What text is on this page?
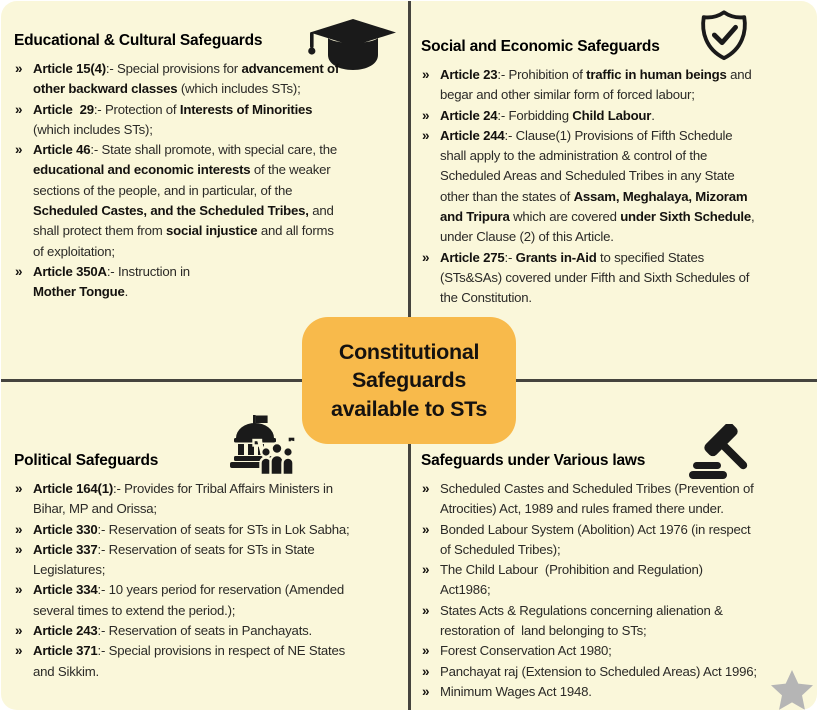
Educational & Cultural Safeguards
» Article 15(4):- Special provisions for advancement of
other backward classes (which includes STs);
» Article  29:- Protection of Interests of Minorities
(which includes STs);
» Article 46:- State shall promote, with special care, the
educational and economic interests of the weaker
sections of the people, and in particular, of the
Scheduled Castes, and the Scheduled Tribes, and
shall protect them from social injustice and all forms
of exploitation;
» Article 350A:- Instruction in
Mother Tongue.
Social and Economic Safeguards
» Article 23:- Prohibition of traffic in human beings and
begar and other similar form of forced labour;
» Article 24:- Forbidding Child Labour.
» Article 244:- Clause(1) Provisions of Fifth Schedule
shall apply to the administration & control of the
Scheduled Areas and Scheduled Tribes in any State
other than the states of Assam, Meghalaya, Mizoram
and Tripura which are covered under Sixth Schedule,
under Clause (2) of this Article.
» Article 275:- Grants in-Aid to specified States
(STs&SAs) covered under Fifth and Sixth Schedules of
the Constitution.
Political Safeguards
» Article 164(1):- Provides for Tribal Affairs Ministers in
Bihar, MP and Orissa;
» Article 330:- Reservation of seats for STs in Lok Sabha;
» Article 337:- Reservation of seats for STs in State
Legislatures;
» Article 334:- 10 years period for reservation (Amended
several times to extend the period.);
» Article 243:- Reservation of seats in Panchayats.
» Article 371:- Special provisions in respect of NE States
and Sikkim.
Safeguards under Various laws
» Scheduled Castes and Scheduled Tribes (Prevention of
Atrocities) Act, 1989 and rules framed there under.
» Bonded Labour System (Abolition) Act 1976 (in respect
of Scheduled Tribes);
» The Child Labour  (Prohibition and Regulation)
Act1986;
» States Acts & Regulations concerning alienation &
restoration of  land belonging to STs;
» Forest Conservation Act 1980;
» Panchayat raj (Extension to Scheduled Areas) Act 1996;
» Minimum Wages Act 1948.
Constitutional
Safeguards
available to STs
